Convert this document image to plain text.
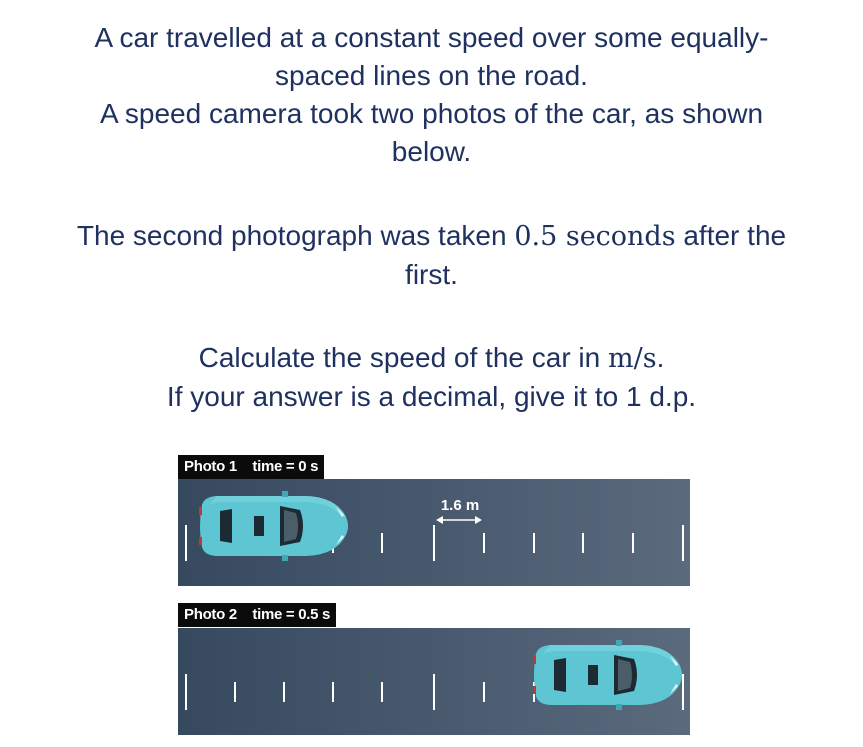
A car travelled at a constant speed over some equally-

spaced lines on the road.

A speed camera took two photos of the car, as shown

below.

The second photograph was taken 0.5 seconds after the

first.

Calculate the speed of the car in m/s.

If your answer is a decimal, give it to 1 d.p.

Photo 1 time = 0 s
1.6 m
Photo 2 time = 0.5 s
